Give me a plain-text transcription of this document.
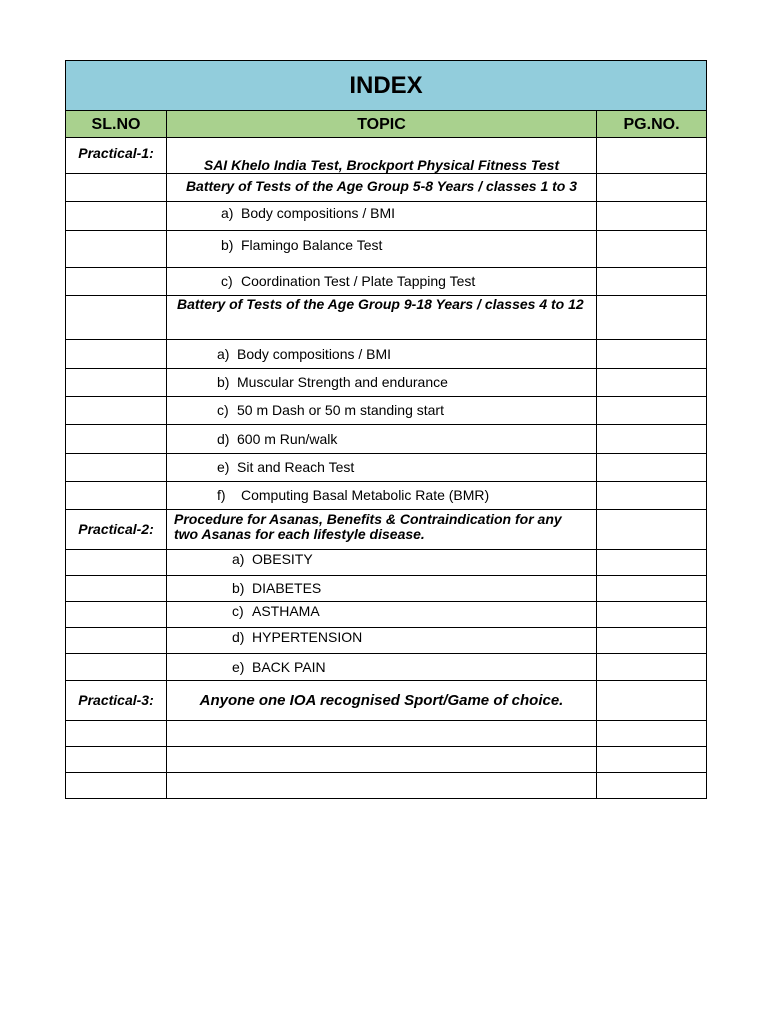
INDEX		
SL.NO	TOPIC	PG.NO.
Practical-1:	SAI Khelo India Test, Brockport Physical Fitness Test	
	Battery of Tests of the Age Group 5-8 Years / classes 1 to 3	
	a) Body compositions / BMI	
	b) Flamingo Balance Test	
	c) Coordination Test / Plate Tapping Test	
	Battery of Tests of the Age Group 9-18 Years / classes 4 to 12	
	a) Body compositions / BMI	
	b) Muscular Strength and endurance	
	c) 50 m Dash or 50 m standing start	
	d) 600 m Run/walk	
	e) Sit and Reach Test	
	f) Computing Basal Metabolic Rate (BMR)	
Practical-2:	Procedure for Asanas, Benefits & Contraindication for any
two Asanas for each lifestyle disease.	

	a) OBESITY	
	b) DIABETES	
	c) ASTHAMA	
	d) HYPERTENSION	
	e) BACK PAIN	
Practical-3:	Anyone one IOA recognised Sport/Game of choice.	
